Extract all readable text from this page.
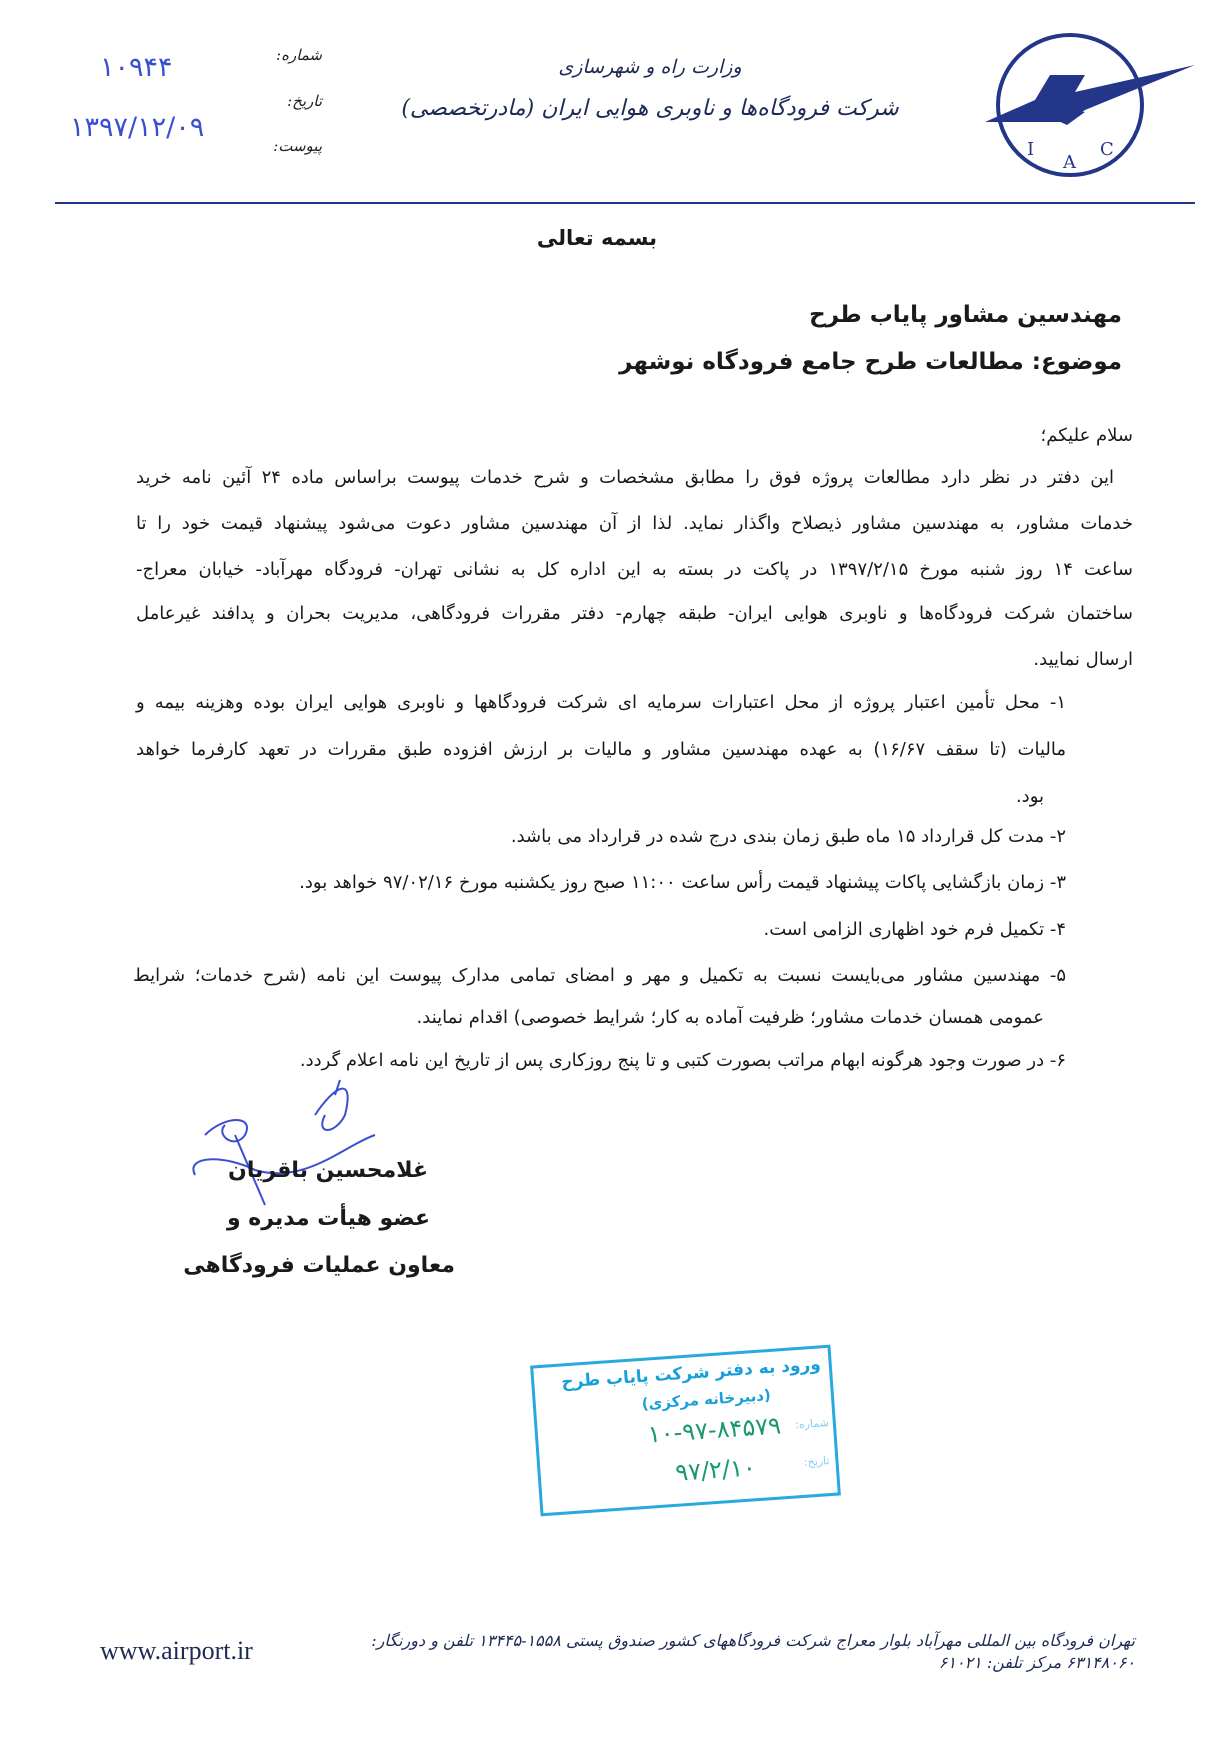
I
A
C
وزارت راه و شهرسازی
شرکت فرودگاه‌ها و ناوبری هوایی ایران (مادرتخصصی)
شماره:
تاریخ:
پیوست:
۱۰۹۴۴
۱۳۹۷/۱۲/۰۹
بسمه تعالی
مهندسین مشاور پایاب طرح
موضوع: مطالعات طرح جامع فرودگاه نوشهر
سلام علیکم؛
این دفتر در نظر دارد مطالعات پروژه فوق را مطابق مشخصات و شرح خدمات پیوست براساس ماده ۲۴ آئین نامه خرید
خدمات مشاور، به مهندسین مشاور ذیصلاح واگذار نماید. لذا از آن مهندسین مشاور دعوت می‌شود پیشنهاد قیمت خود را تا
ساعت ۱۴ روز شنبه مورخ ۱۳۹۷/۲/۱۵ در پاکت در بسته به این اداره کل به نشانی تهران- فرودگاه مهرآباد- خیابان معراج-
ساختمان شرکت فرودگاه‌ها و ناوبری هوایی ایران- طبقه چهارم- دفتر مقررات فرودگاهی، مدیریت بحران و پدافند غیرعامل
ارسال نمایید.
۱- محل تأمین اعتبار پروژه از محل اعتبارات سرمایه ای شرکت فرودگاهها و ناوبری هوایی ایران بوده وهزینه بیمه و
مالیات (تا سقف ۱۶/۶۷) به عهده مهندسین مشاور و مالیات بر ارزش افزوده طبق مقررات در تعهد کارفرما خواهد
بود.
۲- مدت کل قرارداد ۱۵ ماه طبق زمان بندی درج شده در قرارداد می باشد.
۳- زمان بازگشایی پاکات پیشنهاد قیمت رأس ساعت ۱۱:۰۰ صبح روز یکشنبه مورخ ۹۷/۰۲/۱۶ خواهد بود.
۴- تکمیل فرم خود اظهاری الزامی است.
۵- مهندسین مشاور می‌بایست نسبت به تکمیل و مهر و امضای تمامی مدارک پیوست این نامه (شرح خدمات؛ شرایط
عمومی همسان خدمات مشاور؛ ظرفیت آماده به کار؛ شرایط خصوصی) اقدام نمایند.
۶- در صورت وجود هرگونه ابهام مراتب بصورت کتبی و تا پنج روزکاری پس از تاریخ این نامه اعلام گردد.
غلامحسین باقریان
عضو هیأت مدیره و
معاون عملیات فرودگاهی
ورود به دفتر شرکت پایاب طرح
(دبیرخانه مرکزی)
شماره:
۱۰-۹۷-۸۴۵۷۹
تاریخ:
۹۷/۲/۱۰
تهران فرودگاه بین المللی مهرآباد بلوار معراج شرکت فرودگاههای کشور صندوق پستی ۱۵۵۸-۱۳۴۴۵ تلفن و دورنگار: ۶۳۱۴۸۰۶۰ مرکز تلفن: ۶۱۰۲۱
www.airport.ir
